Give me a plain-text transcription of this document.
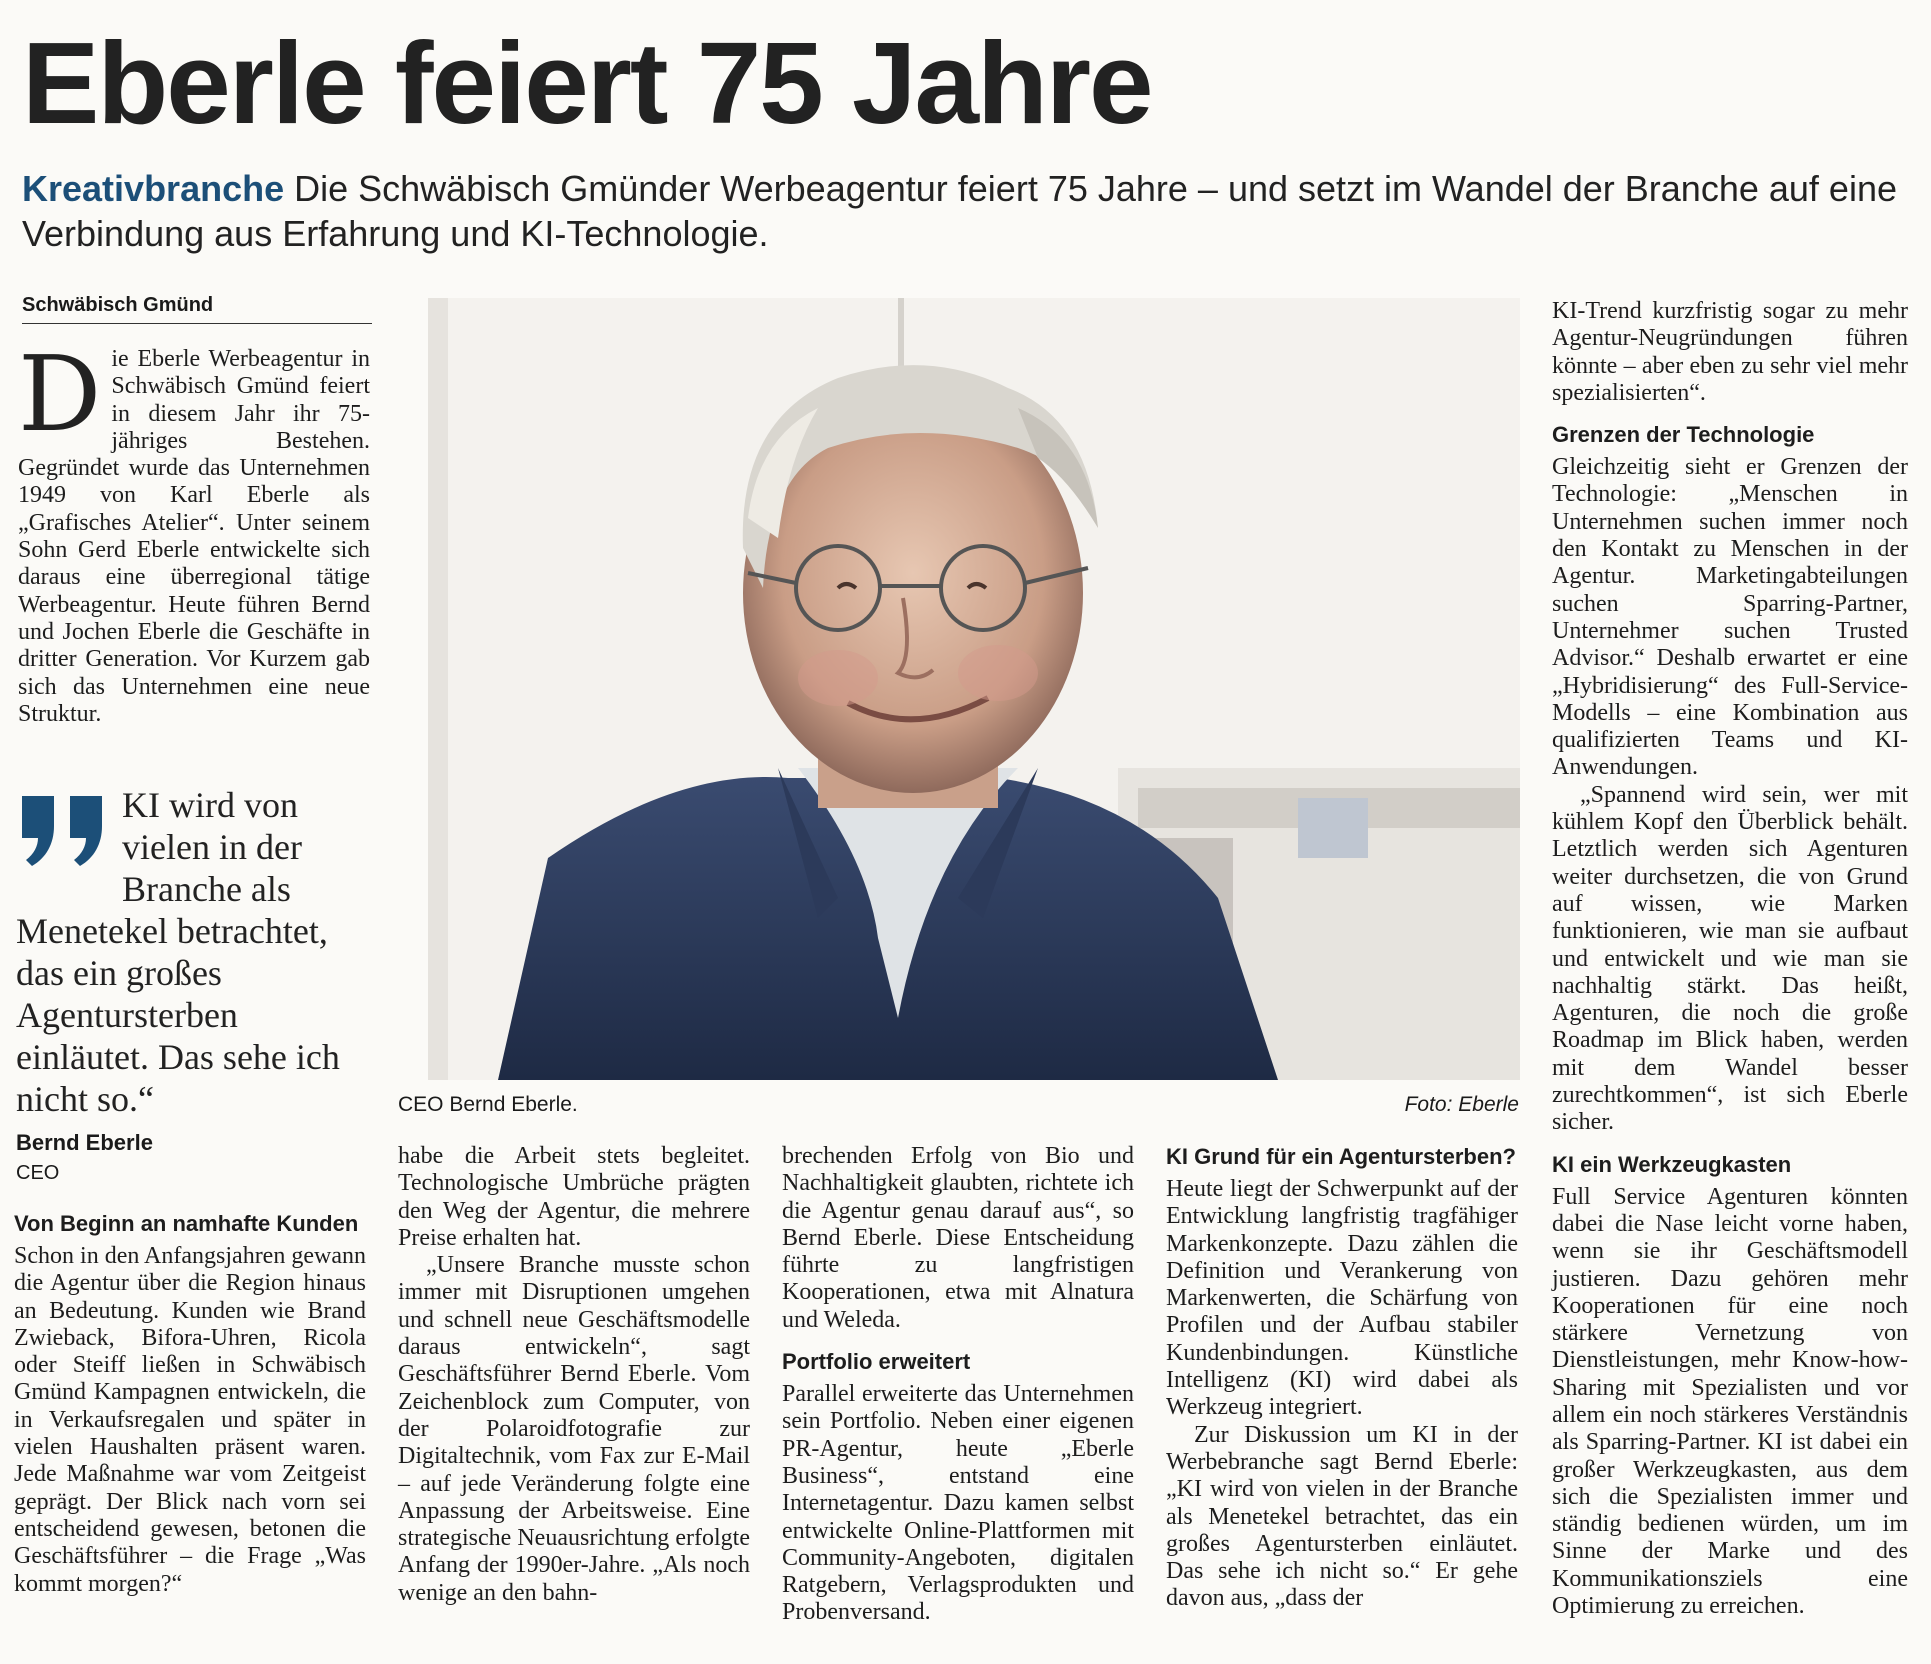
Eberle feiert 75 Jahre
Kreativbranche Die Schwäbisch Gmünder Werbeagentur feiert 75 Jahre – und setzt im Wandel der Branche auf eine Verbindung aus Erfahrung und KI-Technologie.
Schwäbisch Gmünd
D ie Eberle Werbeagentur in Schwäbisch Gmünd feiert in diesem Jahr ihr 75-jähriges Bestehen. Gegründet wurde das Unternehmen 1949 von Karl Eberle als „Grafisches Atelier“. Unter seinem Sohn Gerd Eberle entwickelte sich daraus eine überregional tätige Werbeagentur. Heute führen Bernd und Jochen Eberle die Geschäfte in dritter Generation. Vor Kurzem gab sich das Unternehmen eine neue Struktur.

KI wird von vielen in der Branche als Menetekel betrachtet, das ein großes Agentursterben einläutet. Das sehe ich nicht so.“
Bernd Eberle
CEO
CEO Bernd Eberle.	Foto: Eberle
Von Beginn an namhafte Kunden

Schon in den Anfangsjahren gewann die Agentur über die Region hinaus an Bedeutung. Kunden wie Brand Zwieback, Bifora-Uhren, Ricola oder Steiff ließen in Schwäbisch Gmünd Kampagnen entwickeln, die in Verkaufsregalen und später in vielen Haushalten präsent waren. Jede Maßnahme war vom Zeitgeist geprägt. Der Blick nach vorn sei entscheidend gewesen, betonen die Geschäftsführer – die Frage „Was kommt morgen?“

habe die Arbeit stets begleitet. Technologische Umbrüche prägten den Weg der Agentur, die mehrere Preise erhalten hat.

„Unsere Branche musste schon immer mit Disruptionen umgehen und schnell neue Geschäftsmodelle daraus entwickeln“, sagt Geschäftsführer Bernd Eberle. Vom Zeichenblock zum Computer, von der Polaroidfotografie zur Digitaltechnik, vom Fax zur E-Mail – auf jede Veränderung folgte eine Anpassung der Arbeitsweise. Eine strategische Neuausrichtung erfolgte Anfang der 1990er-Jahre. „Als noch wenige an den bahn-

brechenden Erfolg von Bio und Nachhaltigkeit glaubten, richtete ich die Agentur genau darauf aus“, so Bernd Eberle. Diese Entscheidung führte zu langfristigen Kooperationen, etwa mit Alnatura und Weleda.

Portfolio erweitert

Parallel erweiterte das Unternehmen sein Portfolio. Neben einer eigenen PR-Agentur, heute „Eberle Business“, entstand eine Internetagentur. Dazu kamen selbst entwickelte Online-Plattformen mit Community-Angeboten, digitalen Ratgebern, Verlagsprodukten und Probenversand.

KI Grund für ein Agentursterben?

Heute liegt der Schwerpunkt auf der Entwicklung langfristig tragfähiger Markenkonzepte. Dazu zählen die Definition und Verankerung von Markenwerten, die Schärfung von Profilen und der Aufbau stabiler Kundenbindungen. Künstliche Intelligenz (KI) wird dabei als Werkzeug integriert.

Zur Diskussion um KI in der Werbebranche sagt Bernd Eberle: „KI wird von vielen in der Branche als Menetekel betrachtet, das ein großes Agentursterben einläutet. Das sehe ich nicht so.“ Er gehe davon aus, „dass der

KI-Trend kurzfristig sogar zu mehr Agentur-Neugründungen führen könnte – aber eben zu sehr viel mehr spezialisierten“.

Grenzen der Technologie

Gleichzeitig sieht er Grenzen der Technologie: „Menschen in Unternehmen suchen immer noch den Kontakt zu Menschen in der Agentur. Marketingabteilungen suchen Sparring-Partner, Unternehmer suchen Trusted Advisor.“ Deshalb erwartet er eine „Hybridisierung“ des Full-Service-Modells – eine Kombination aus qualifizierten Teams und KI-Anwendungen.

„Spannend wird sein, wer mit kühlem Kopf den Überblick behält. Letztlich werden sich Agenturen weiter durchsetzen, die von Grund auf wissen, wie Marken funktionieren, wie man sie aufbaut und entwickelt und wie man sie nachhaltig stärkt. Das heißt, Agenturen, die noch die große Roadmap im Blick haben, werden mit dem Wandel besser zurechtkommen“, ist sich Eberle sicher.

KI ein Werkzeugkasten

Full Service Agenturen könnten dabei die Nase leicht vorne haben, wenn sie ihr Geschäftsmodell justieren. Dazu gehören mehr Kooperationen für eine noch stärkere Vernetzung von Dienstleistungen, mehr Know-how-Sharing mit Spezialisten und vor allem ein noch stärkeres Verständnis als Sparring-Partner. KI ist dabei ein großer Werkzeugkasten, aus dem sich die Spezialisten immer und ständig bedienen würden, um im Sinne der Marke und des Kommunikationsziels eine Optimierung zu erreichen.
